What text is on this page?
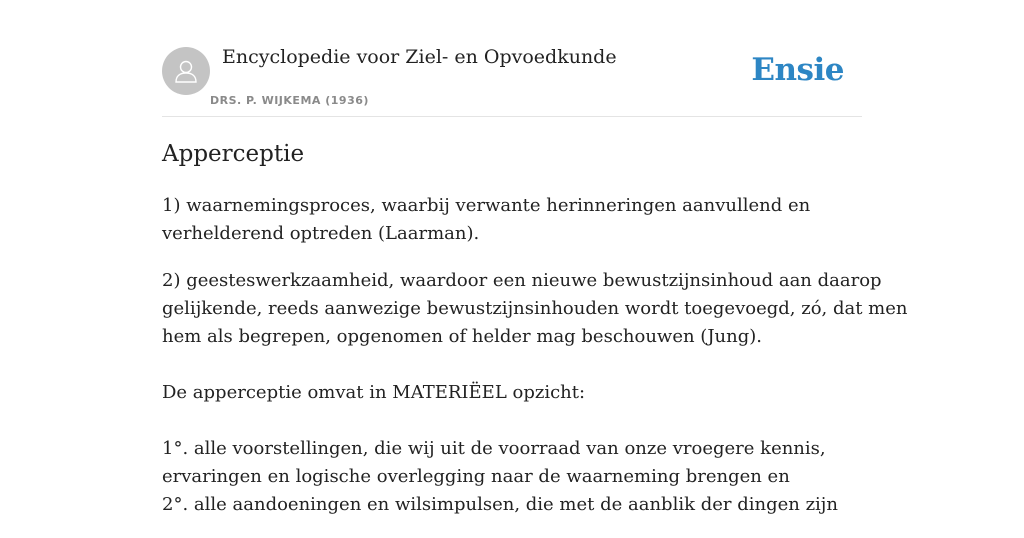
Encyclopedie voor Ziel- en Opvoedkunde
DRS. P. WIJKEMA (1936)
Ensie
Apperceptie
1) waarnemingsproces, waarbij verwante herinneringen aanvullend en
verhelderend optreden (Laarman).
2) geesteswerkzaamheid, waardoor een nieuwe bewustzijnsinhoud aan daarop
gelijkende, reeds aanwezige bewustzijnsinhouden wordt toegevoegd, zó, dat men
hem als begrepen, opgenomen of helder mag beschouwen (Jung).
De apperceptie omvat in MATERIËEL opzicht:
1°. alle voorstellingen, die wij uit de voorraad van onze vroegere kennis,
ervaringen en logische overlegging naar de waarneming brengen en
2°. alle aandoeningen en wilsimpulsen, die met de aanblik der dingen zijn
